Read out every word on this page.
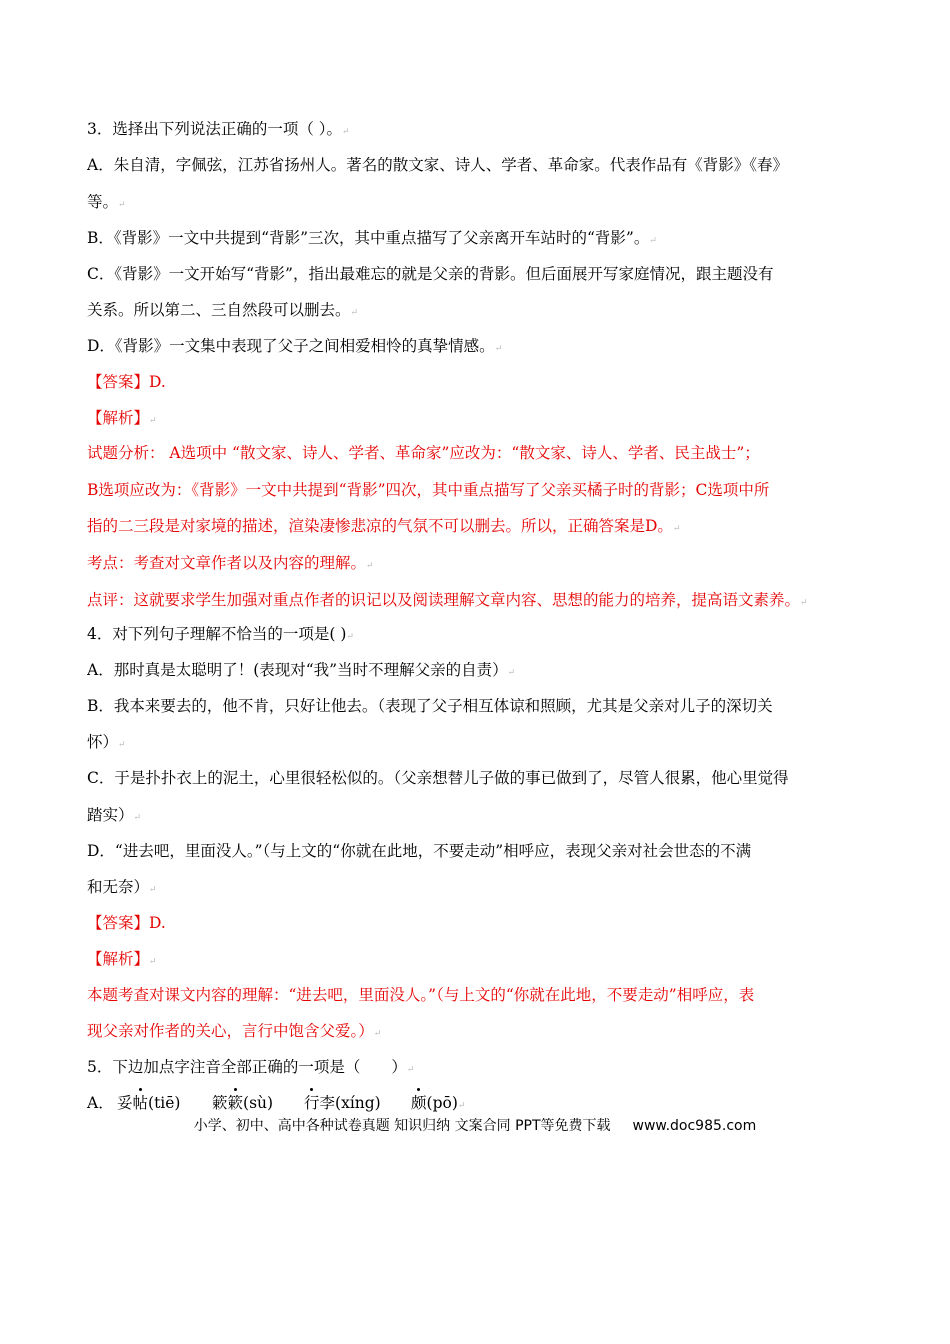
3．选择出下列说法正确的一项（ ）。↵
A．朱自清，字佩弦，江苏省扬州人。著名的散文家、诗人、学者、革命家。代表作品有《背影》《春》
等。↵
B．《背影》一文中共提到“背影”三次，其中重点描写了父亲离开车站时的“背影”。↵
C．《背影》一文开始写“背影”，指出最难忘的就是父亲的背影。但后面展开写家庭情况，跟主题没有
关系。所以第二、三自然段可以删去。↵
D．《背影》一文集中表现了父子之间相爱相怜的真挚情感。↵
【答案】D.
【解析】↵
试题分析： A选项中 “散文家、诗人、学者、革命家”应改为：“散文家、诗人、学者、民主战士”；
B选项应改为：《背影》一文中共提到“背影”四次，其中重点描写了父亲买橘子时的背影；C选项中所
指的二三段是对家境的描述，渲染凄惨悲凉的气氛不可以删去。所以，正确答案是D。↵
考点：考查对文章作者以及内容的理解。↵
点评：这就要求学生加强对重点作者的识记以及阅读理解文章内容、思想的能力的培养，提高语文素养。↵
4．对下列句子理解不恰当的一项是( )↵
A．那时真是太聪明了！(表现对“我”当时不理解父亲的自责）↵
B．我本来要去的，他不肯，只好让他去。（表现了父子相互体谅和照顾，尤其是父亲对儿子的深切关
怀）↵
C．于是扑扑衣上的泥土，心里很轻松似的。（父亲想替儿子做的事已做到了，尽管人很累，他心里觉得
踏实）↵
D．“进去吧，里面没人。”（与上文的“你就在此地，不要走动”相呼应，表现父亲对社会世态的不满
和无奈）↵
【答案】D.
【解析】↵
本题考查对课文内容的理解：“进去吧，里面没人。”（与上文的“你就在此地，不要走动”相呼应，表
现父亲对作者的关心，言行中饱含父爱。）↵
5．下边加点字注音全部正确的一项是（　　）↵
A． 妥帖(tiē) 簌簌(sù) 行李(xíng) 颇(pō)↵
小学、初中、高中各种试卷真题 知识归纳 文案合同 PPT等免费下载 www.doc985.com
